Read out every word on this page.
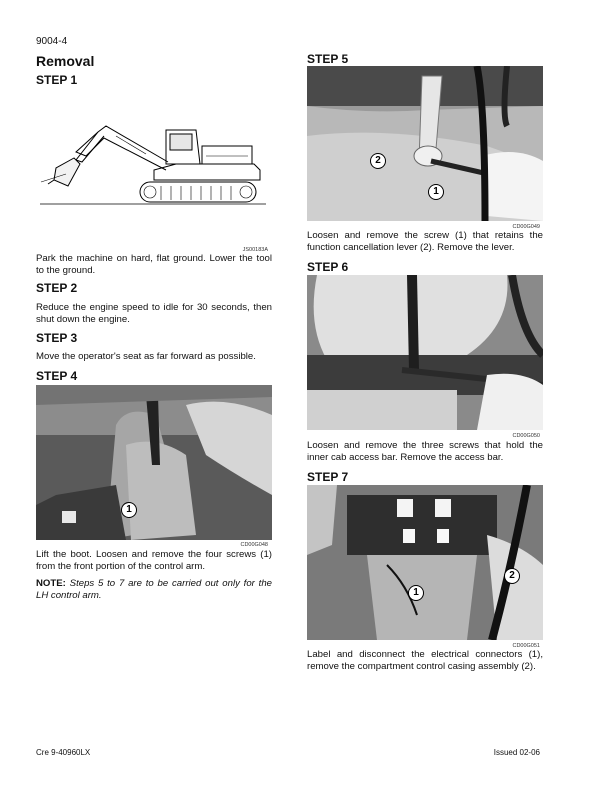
9004-4
Removal
STEP 1
JS00183A
Park the machine on hard, flat ground. Lower the tool to the ground.
STEP 2
Reduce the engine speed to idle for 30 seconds, then shut down the engine.
STEP 3
Move the operator's seat as far forward as possible.
STEP 4
1
CD00G048
Lift the boot. Loosen and remove the four screws (1) from the front portion of the control arm.
NOTE: Steps 5 to 7 are to be carried out only for the LH control arm.
STEP 5
2
1
CD00G049
Loosen and remove the screw (1) that retains the function cancellation lever (2). Remove the lever.
STEP 6
CD00G050
Loosen and remove the three screws that hold the inner cab access bar. Remove the access bar.
STEP 7
2
1
CD00G051
Label and disconnect the electrical connectors (1), remove the compartment control casing assembly (2).
Cre 9-40960LX	Issued 02-06
